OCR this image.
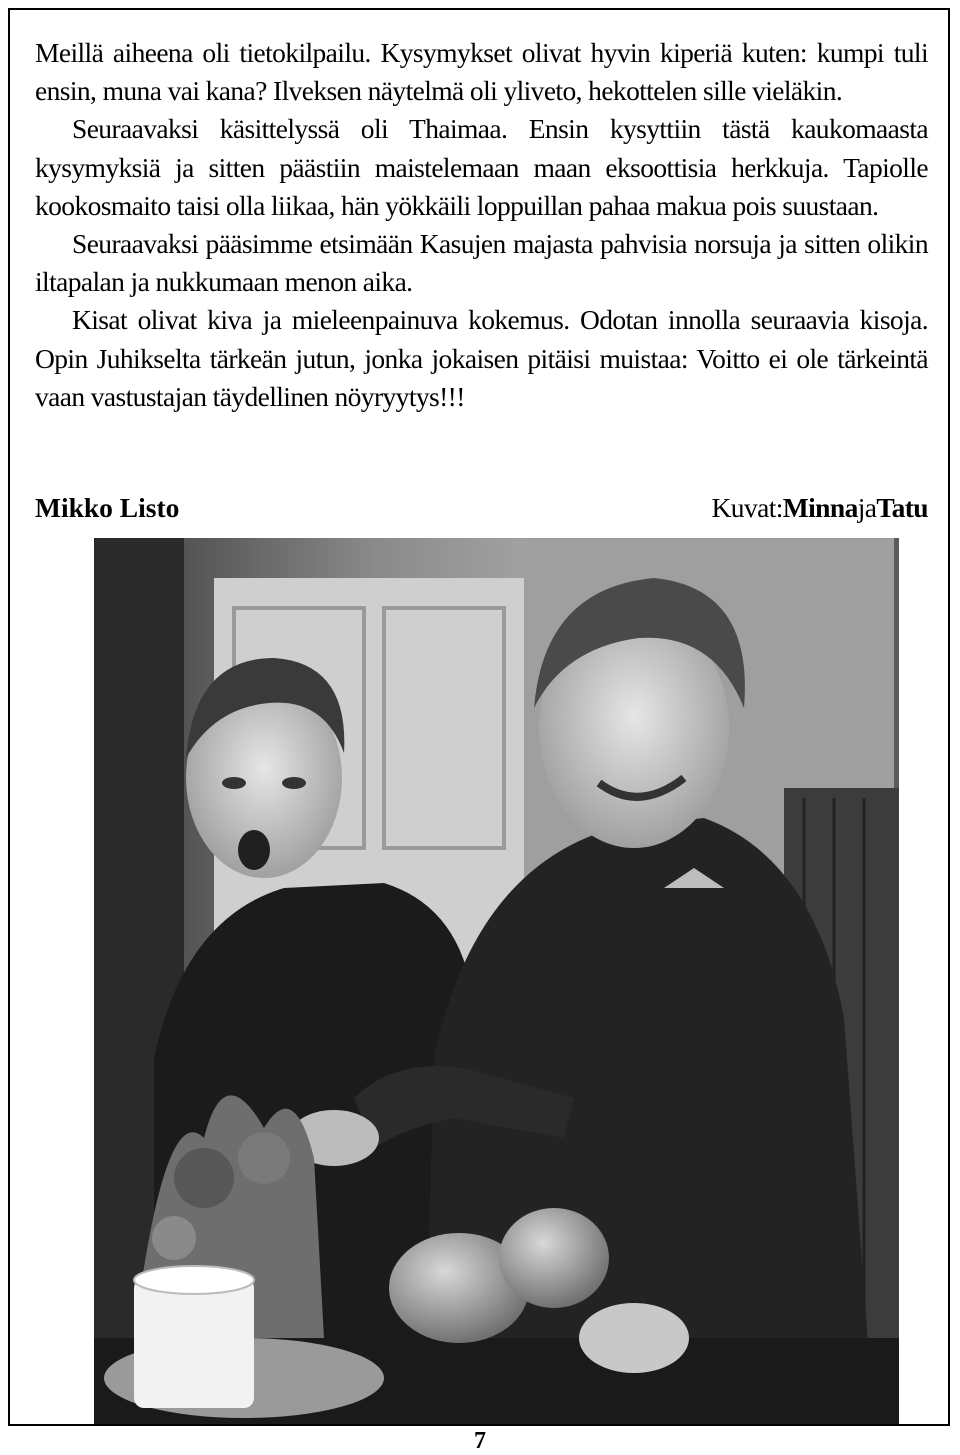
Meillä aiheena oli tietokilpailu. Kysymykset olivat hyvin kiperiä kuten: kumpi tuli ensin, muna vai kana? Ilveksen näytelmä oli yliveto, hekottelen sille vieläkin.

Seuraavaksi käsittelyssä oli Thaimaa. Ensin kysyttiin tästä kaukomaasta kysymyksiä ja sitten päästiin maistelemaan maan eksoottisia herkkuja. Tapiolle kookosmaito taisi olla liikaa, hän yökkäili loppuillan pahaa makua pois suustaan.

Seuraavaksi pääsimme etsimään Kasujen majasta pahvisia norsuja ja sitten olikin iltapalan ja nukkumaan menon aika.

Kisat olivat kiva ja mieleenpainuva kokemus. Odotan innolla seuraavia kisoja. Opin Juhikselta tärkeän jutun, jonka jokaisen pitäisi muistaa: Voitto ei ole tärkeintä vaan vastustajan täydellinen nöyryytys!!!

Mikko Listo	Kuvat:MinnajaTatu
7
